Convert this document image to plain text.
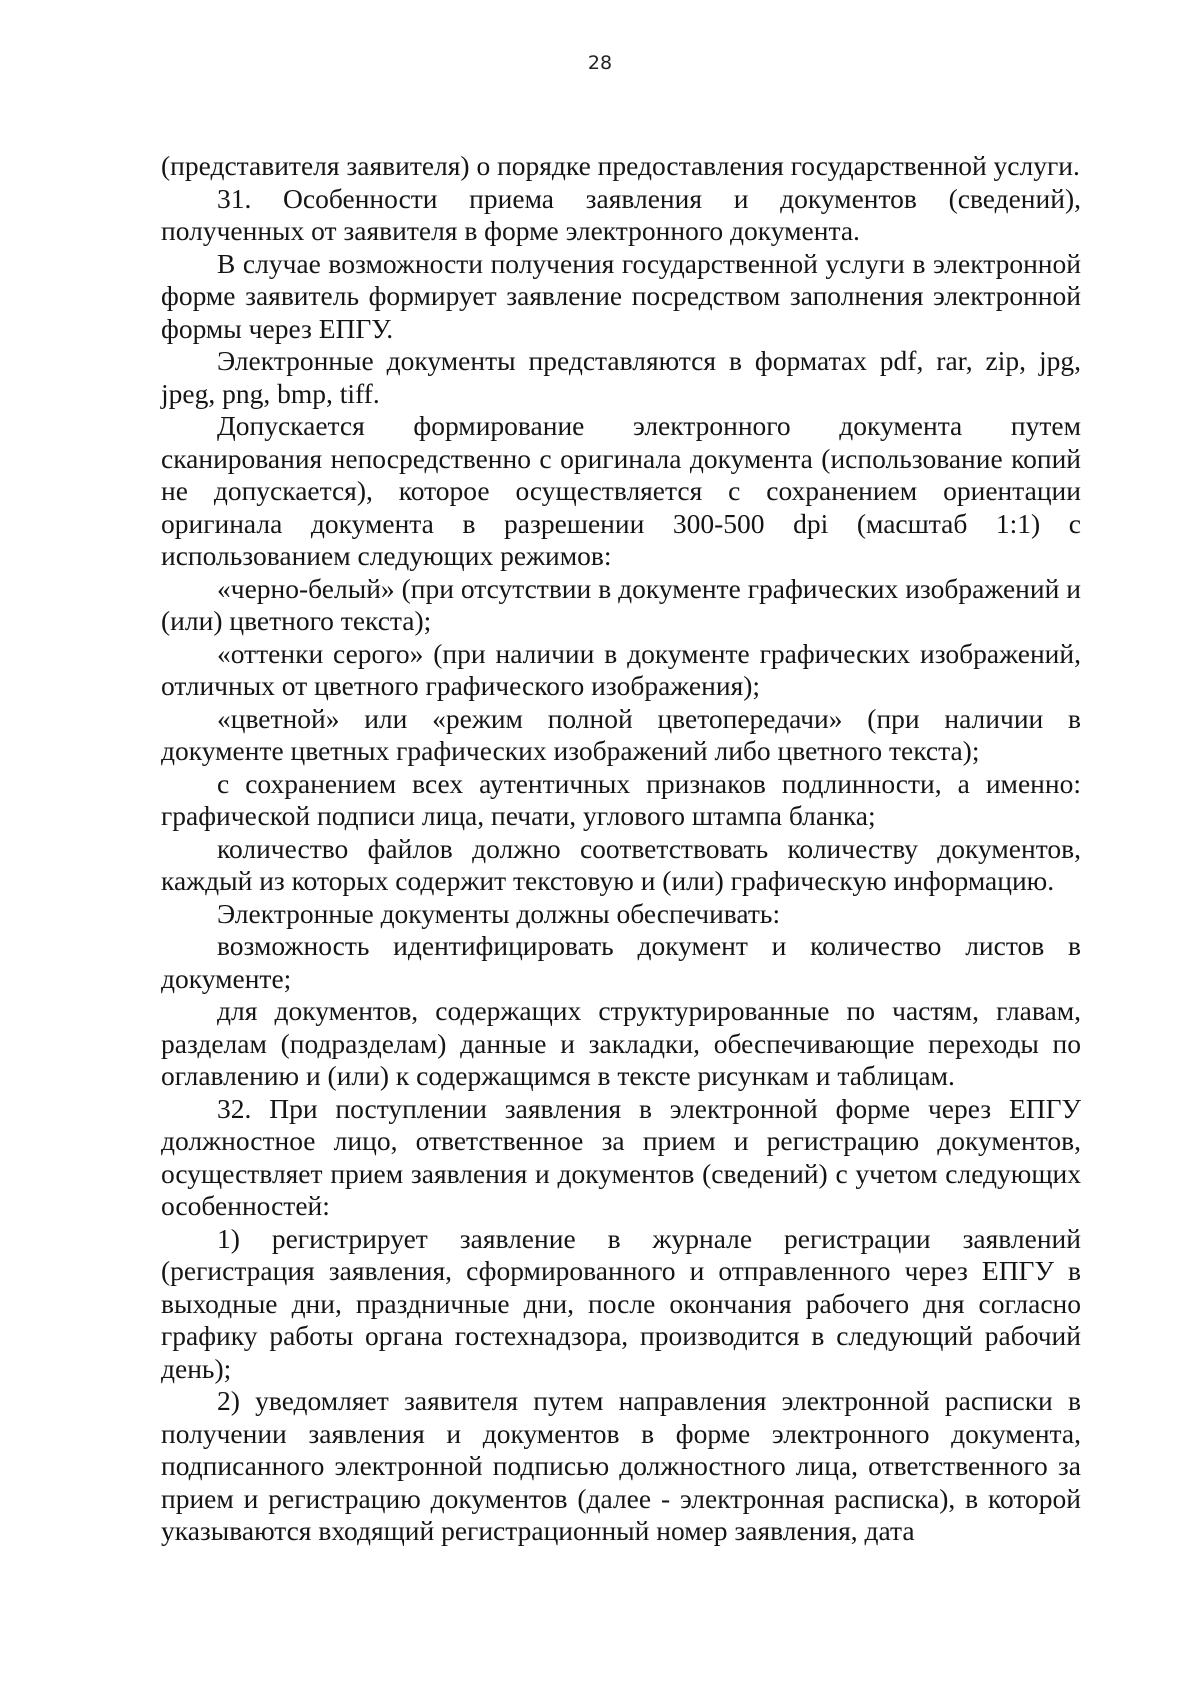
28

(представителя заявителя) о порядке предоставления государственной услуги.

31. Особенности приема заявления и документов (сведений), полученных от заявителя в форме электронного документа.

В случае возможности получения государственной услуги в электронной форме заявитель формирует заявление посредством заполнения электронной формы через ЕПГУ.

Электронные документы представляются в форматах pdf, rar, zip, jpg, jpeg, png, bmp, tiff.

Допускается формирование электронного документа путем сканирования непосредственно с оригинала документа (использование копий не допускается), которое осуществляется с сохранением ориентации оригинала документа в разрешении 300-500 dpi (масштаб 1:1) с использованием следующих режимов:

«черно-белый» (при отсутствии в документе графических изображений и (или) цветного текста);

«оттенки серого» (при наличии в документе графических изображений, отличных от цветного графического изображения);

«цветной» или «режим полной цветопередачи» (при наличии в документе цветных графических изображений либо цветного текста);

с сохранением всех аутентичных признаков подлинности, а именно: графической подписи лица, печати, углового штампа бланка;

количество файлов должно соответствовать количеству документов, каждый из которых содержит текстовую и (или) графическую информацию.

Электронные документы должны обеспечивать:

возможность идентифицировать документ и количество листов в документе;

для документов, содержащих структурированные по частям, главам, разделам (подразделам) данные и закладки, обеспечивающие переходы по оглавлению и (или) к содержащимся в тексте рисункам и таблицам.

32. При поступлении заявления в электронной форме через ЕПГУ должностное лицо, ответственное за прием и регистрацию документов, осуществляет прием заявления и документов (сведений) с учетом следующих особенностей:

1) регистрирует заявление в журнале регистрации заявлений (регистрация заявления, сформированного и отправленного через ЕПГУ в выходные дни, праздничные дни, после окончания рабочего дня согласно графику работы органа гостехнадзора, производится в следующий рабочий день);

2) уведомляет заявителя путем направления электронной расписки в получении заявления и документов в форме электронного документа, подписанного электронной подписью должностного лица, ответственного за прием и регистрацию документов (далее - электронная расписка), в которой указываются входящий регистрационный номер заявления, дата
